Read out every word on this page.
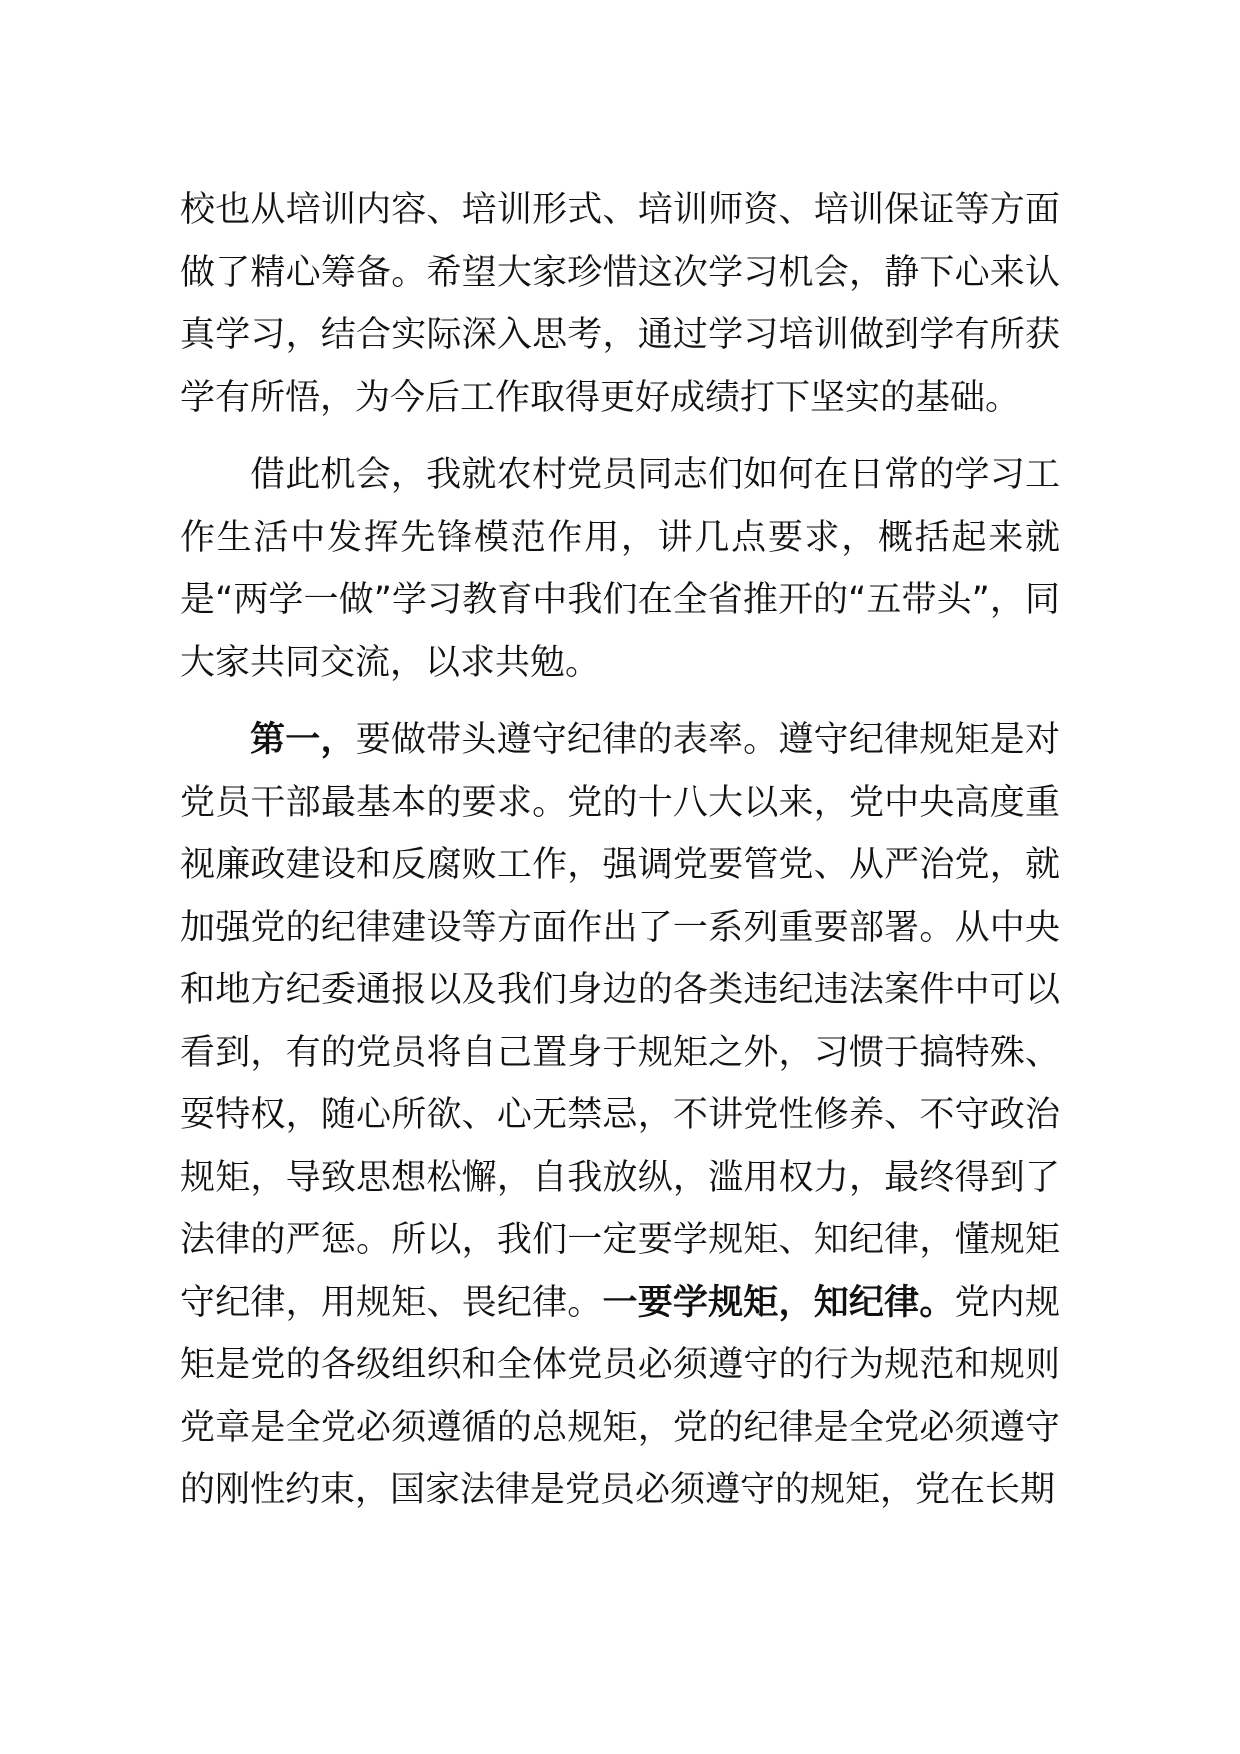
校也从培训内容、培训形式、培训师资、培训保证等方面做了精心筹备。希望大家珍惜这次学习机会，静下心来认真学习，结合实际深入思考，通过学习培训做到学有所获学有所悟，为今后工作取得更好成绩打下坚实的基础。

借此机会，我就农村党员同志们如何在日常的学习工作生活中发挥先锋模范作用，讲几点要求，概括起来就是“两学一做”学习教育中我们在全省推开的“五带头”，同大家共同交流，以求共勉。

第一，要做带头遵守纪律的表率。遵守纪律规矩是对党员干部最基本的要求。党的十八大以来，党中央高度重视廉政建设和反腐败工作，强调党要管党、从严治党，就加强党的纪律建设等方面作出了一系列重要部署。从中央和地方纪委通报以及我们身边的各类违纪违法案件中可以看到，有的党员将自己置身于规矩之外，习惯于搞特殊、耍特权，随心所欲、心无禁忌，不讲党性修养、不守政治规矩，导致思想松懈，自我放纵，滥用权力，最终得到了法律的严惩。所以，我们一定要学规矩、知纪律，懂规矩守纪律，用规矩、畏纪律。一要学规矩，知纪律。党内规矩是党的各级组织和全体党员必须遵守的行为规范和规则党章是全党必须遵循的总规矩，党的纪律是全党必须遵守的刚性约束，国家法律是党员必须遵守的规矩，党在长期
